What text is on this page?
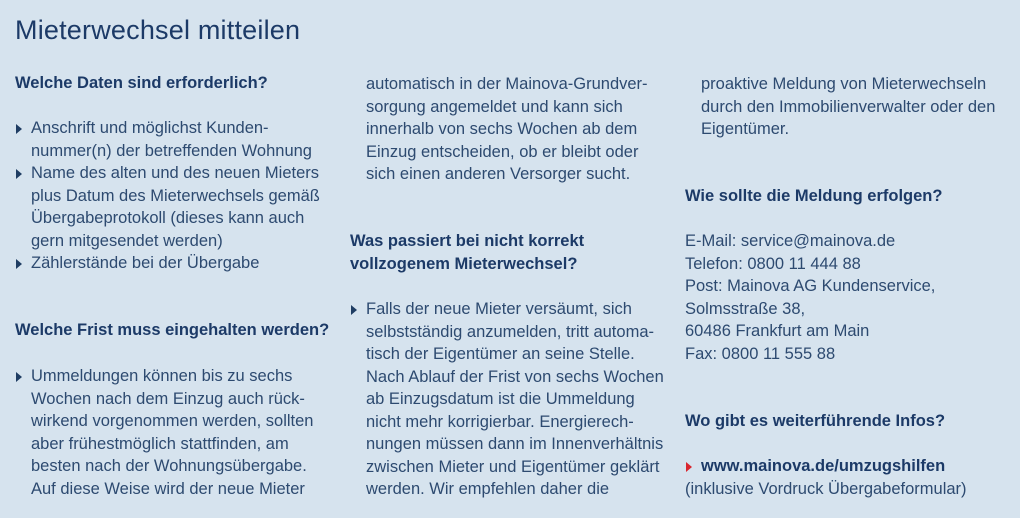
Mieterwechsel mitteilen

Welche Daten sind erforderlich?

Anschrift und möglichst Kunden-
nummer(n) der betreffenden Wohnung
Name des alten und des neuen Mieters
plus Datum des Mieterwechsels gemäß
Übergabeprotokoll (dieses kann auch
gern mitgesendet werden)
Zählerstände bei der Übergabe

Welche Frist muss eingehalten werden?

Ummeldungen können bis zu sechs
Wochen nach dem Einzug auch rück-
wirkend vorgenommen werden, sollten
aber frühestmöglich stattfinden, am
besten nach der Wohnungsübergabe.
Auf diese Weise wird der neue Mieter
automatisch in der Mainova-Grundver-
sorgung angemeldet und kann sich
innerhalb von sechs Wochen ab dem
Einzug entscheiden, ob er bleibt oder
sich einen anderen Versorger sucht.
Was passiert bei nicht korrekt
vollzogenem Mieterwechsel?
Falls der neue Mieter versäumt, sich
selbstständig anzumelden, tritt automa-
tisch der Eigentümer an seine Stelle.
Nach Ablauf der Frist von sechs Wochen
ab Einzugsdatum ist die Ummeldung
nicht mehr korrigierbar. Energierech-
nungen müssen dann im Innenverhältnis
zwischen Mieter und Eigentümer geklärt
werden. Wir empfehlen daher die
proaktive Meldung von Mieterwechseln
durch den Immobilienverwalter oder den
Eigentümer.

Wie sollte die Meldung erfolgen?

E-Mail: service@mainova.de
Telefon: 0800 11 444 88
Post: Mainova AG Kundenservice,
Solmsstraße 38,
60486 Frankfurt am Main
Fax: 0800 11 555 88

Wo gibt es weiterführende Infos?

www.mainova.de/umzugshilfen
(inklusive Vordruck Übergabeformular)
